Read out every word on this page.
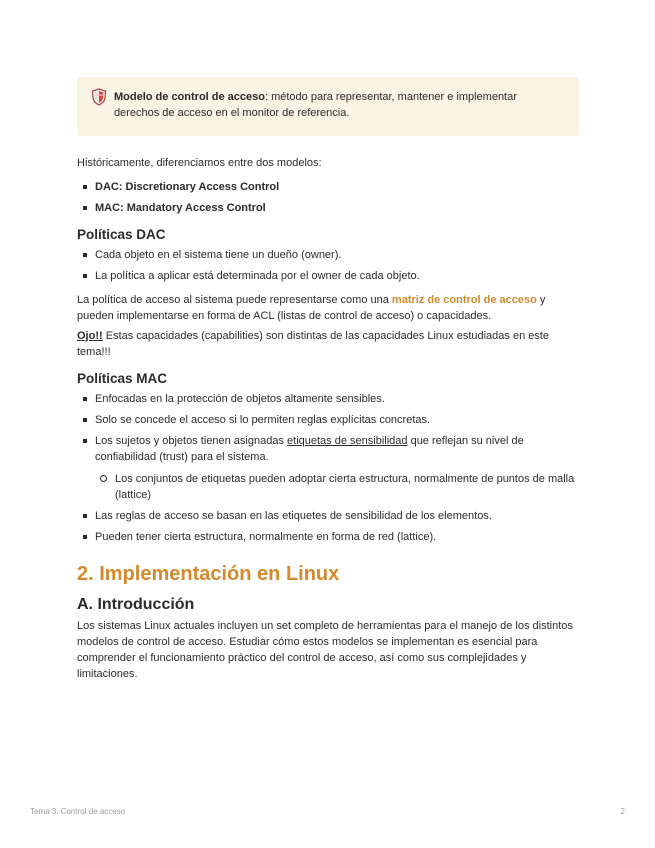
Modelo de control de acceso: método para representar, mantener e implementar derechos de acceso en el monitor de referencia.

Históricamente, diferenciamos entre dos modelos:

DAC: Discretionary Access Control
MAC: Mandatory Access Control
Políticas DAC
Cada objeto en el sistema tiene un dueño (owner).
La política a aplicar está determinada por el owner de cada objeto.

La política de acceso al sistema puede representarse como una matriz de control de acceso y pueden implementarse en forma de ACL (listas de control de acceso) o capacidades.

Ojo!! Estas capacidades (capabilities) son distintas de las capacidades Linux estudiadas en este tema!!!

Políticas MAC
Enfocadas en la protección de objetos altamente sensibles.
Solo se concede el acceso si lo permiten reglas explícitas concretas.
Los sujetos y objetos tienen asignadas etiquetas de sensibilidad que reflejan su nivel de confiabilidad (trust) para el sistema.
Los conjuntos de etiquetas pueden adoptar cierta estructura, normalmente de puntos de malla (lattice)
Las reglas de acceso se basan en las etiquetes de sensibilidad de los elementos.
Pueden tener cierta estructura, normalmente en forma de red (lattice).
2. Implementación en Linux
A. Introducción

Los sistemas Linux actuales incluyen un set completo de herramientas para el manejo de los distintos modelos de control de acceso. Estudiar cómo estos modelos se implementan es esencial para comprender el funcionamiento práctico del control de acceso, así como sus complejidades y limitaciones.

Tema 3: Control de acceso	2
